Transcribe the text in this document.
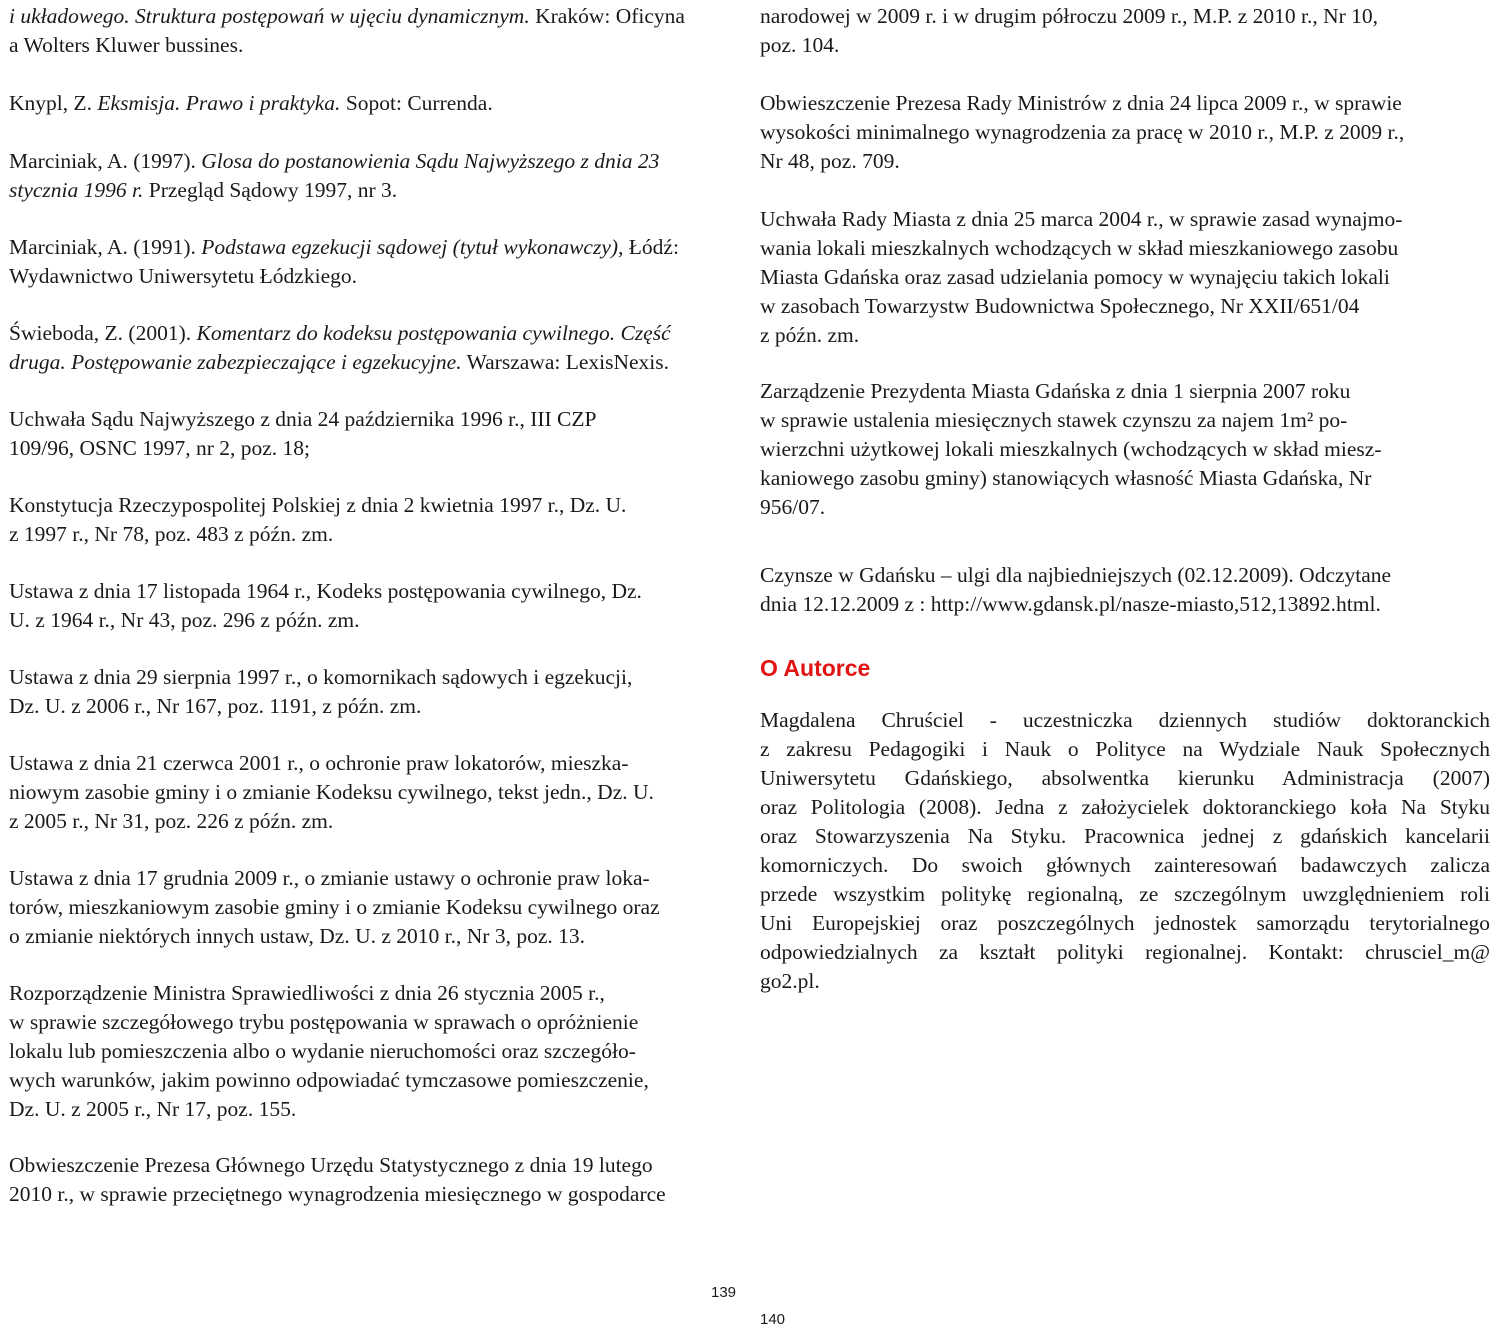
i układowego. Struktura postępowań w ujęciu dynamicznym. Kraków: Oficyna
a Wolters Kluwer bussines.

Knypl, Z. Eksmisja. Prawo i praktyka. Sopot: Currenda.

Marciniak, A. (1997). Glosa do postanowienia Sądu Najwyższego z dnia 23
stycznia 1996 r. Przegląd Sądowy 1997, nr 3.

Marciniak, A. (1991). Podstawa egzekucji sądowej (tytuł wykonawczy), Łódź:
Wydawnictwo Uniwersytetu Łódzkiego.

Świeboda, Z. (2001). Komentarz do kodeksu postępowania cywilnego. Część
druga. Postępowanie zabezpieczające i egzekucyjne. Warszawa: LexisNexis.

Uchwała Sądu Najwyższego z dnia 24 października 1996 r., III CZP
109/96, OSNC 1997, nr 2, poz. 18;

Konstytucja Rzeczypospolitej Polskiej z dnia 2 kwietnia 1997 r., Dz. U.
z 1997 r., Nr 78, poz. 483 z późn. zm.

Ustawa z dnia 17 listopada 1964 r., Kodeks postępowania cywilnego, Dz.
U. z 1964 r., Nr 43, poz. 296 z późn. zm.

Ustawa z dnia 29 sierpnia 1997 r., o komornikach sądowych i egzekucji,
Dz. U. z 2006 r., Nr 167, poz. 1191, z późn. zm.

Ustawa z dnia 21 czerwca 2001 r., o ochronie praw lokatorów, mieszka-
niowym zasobie gminy i o zmianie Kodeksu cywilnego, tekst jedn., Dz. U.
z 2005 r., Nr 31, poz. 226 z późn. zm.

Ustawa z dnia 17 grudnia 2009 r., o zmianie ustawy o ochronie praw loka-
torów, mieszkaniowym zasobie gminy i o zmianie Kodeksu cywilnego oraz
o zmianie niektórych innych ustaw, Dz. U. z 2010 r., Nr 3, poz. 13.

Rozporządzenie Ministra Sprawiedliwości z dnia 26 stycznia 2005 r.,
w sprawie szczegółowego trybu postępowania w sprawach o opróżnienie
lokalu lub pomieszczenia albo o wydanie nieruchomości oraz szczegóło-
wych warunków, jakim powinno odpowiadać tymczasowe pomieszczenie,
Dz. U. z 2005 r., Nr 17, poz. 155.

Obwieszczenie Prezesa Głównego Urzędu Statystycznego z dnia 19 lutego
2010 r., w sprawie przeciętnego wynagrodzenia miesięcznego w gospodarce

narodowej w 2009 r. i w drugim półroczu 2009 r., M.P. z 2010 r., Nr 10,
poz. 104.

Obwieszczenie Prezesa Rady Ministrów z dnia 24 lipca 2009 r., w sprawie
wysokości minimalnego wynagrodzenia za pracę w 2010 r., M.P. z 2009 r.,
Nr 48, poz. 709.

Uchwała Rady Miasta z dnia 25 marca 2004 r., w sprawie zasad wynajmo-
wania lokali mieszkalnych wchodzących w skład mieszkaniowego zasobu
Miasta Gdańska oraz zasad udzielania pomocy w wynajęciu takich lokali
w zasobach Towarzystw Budownictwa Społecznego, Nr XXII/651/04
z późn. zm.

Zarządzenie Prezydenta Miasta Gdańska z dnia 1 sierpnia 2007 roku
w sprawie ustalenia miesięcznych stawek czynszu za najem 1m² po-
wierzchni użytkowej lokali mieszkalnych (wchodzących w skład miesz-
kaniowego zasobu gminy) stanowiących własność Miasta Gdańska, Nr
956/07.

Czynsze w Gdańsku – ulgi dla najbiedniejszych (02.12.2009). Odczytane
dnia 12.12.2009 z : http://www.gdansk.pl/nasze-miasto,512,13892.html.

O Autorce

Magdalena Chruściel - uczestniczka dziennych studiów doktoranckich
z zakresu Pedagogiki i Nauk o Polityce na Wydziale Nauk Społecznych
Uniwersytetu Gdańskiego, absolwentka kierunku Administracja (2007)
oraz Politologia (2008). Jedna z założycielek doktoranckiego koła Na Styku
oraz Stowarzyszenia Na Styku. Pracownica jednej z gdańskich kancelarii
komorniczych. Do swoich głównych zainteresowań badawczych zalicza
przede wszystkim politykę regionalną, ze szczególnym uwzględnieniem roli
Uni Europejskiej oraz poszczególnych jednostek samorządu terytorialnego
odpowiedzialnych za kształt polityki regionalnej. Kontakt: chrusciel_m@
go2.pl.

139
140
